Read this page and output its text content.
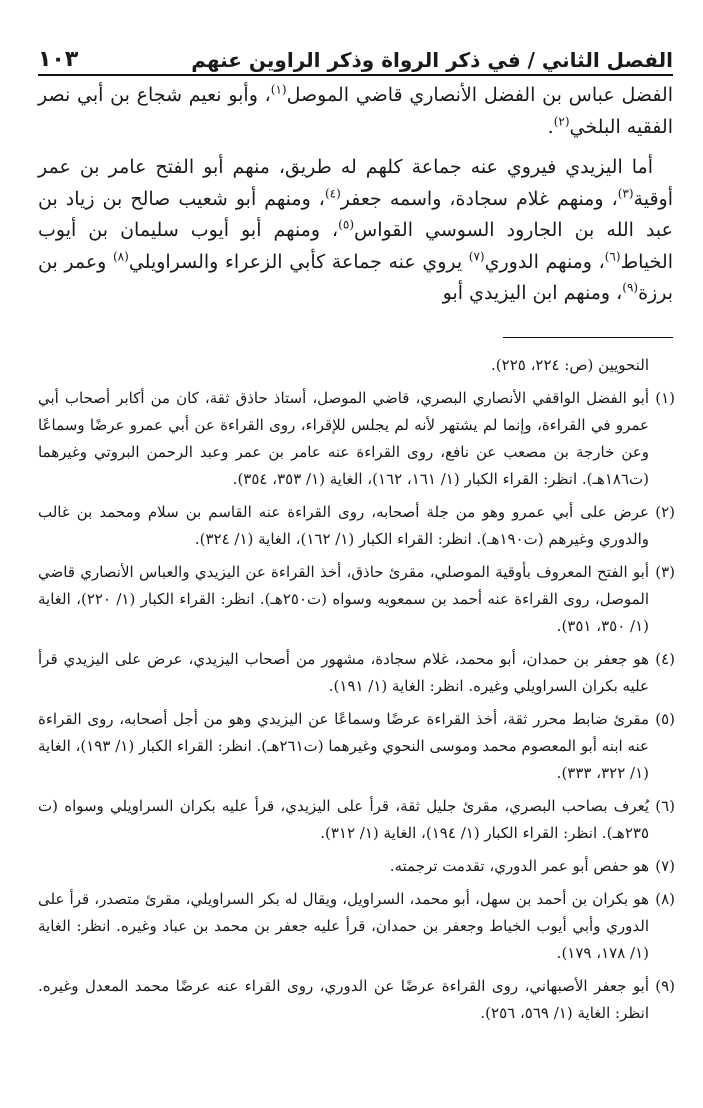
الفصل الثاني / في ذكر الرواة وذكر الراوين عنهم
١٠٣

الفضل عباس بن الفضل الأنصاري قاضي الموصل$^{(١)}$، وأبو نعيم شجاع بن أبي نصر الفقيه البلخي$^{(٢)}$.

أما اليزيدي فيروي عنه جماعة كلهم له طريق، منهم أبو الفتح عامر بن عمر أوقية$^{(٣)}$، ومنهم غلام سجادة، واسمه جعفر$^{(٤)}$، ومنهم أبو شعيب صالح بن زياد بن عبد الله بن الجارود السوسي القواس$^{(٥)}$، ومنهم أبو أيوب سليمان بن أيوب الخياط$^{(٦)}$، ومنهم الدوري$^{(٧)}$ يروي عنه جماعة كأبي الزعراء والسراويلي$^{(٨)}$ وعمر بن برزة$^{(٩)}$، ومنهم ابن اليزيدي أبو

النحويين (ص: ٢٢٤، ٢٢٥).
(١)
أبو الفضل الواقفي الأنصاري البصري، قاضي الموصل، أستاذ حاذق ثقة، كان من أكابر أصحاب أبي عمرو في القراءة، وإنما لم يشتهر لأنه لم يجلس للإقراء، روى القراءة عن أبي عمرو عرضًا وسماعًا وعن خارجة بن مصعب عن نافع، روى القراءة عنه عامر بن عمر وعبد الرحمن البروتي وغيرهما (ت١٨٦هـ). انظر: القراء الكبار (١/ ١٦١، ١٦٢)، الغاية (١/ ٣٥٣، ٣٥٤).
(٢)
عرض على أبي عمرو وهو من جلة أصحابه، روى القراءة عنه القاسم بن سلام ومحمد بن غالب والدوري وغيرهم (ت١٩٠هـ). انظر: القراء الكبار (١/ ١٦٢)، الغاية (١/ ٣٢٤).
(٣)
أبو الفتح المعروف بأوقية الموصلي، مقرئ حاذق، أخذ القراءة عن اليزيدي والعباس الأنصاري قاضي الموصل، روى القراءة عنه أحمد بن سمعويه وسواه (ت٢٥٠هـ). انظر: القراء الكبار (١/ ٢٢٠)، الغاية (١/ ٣٥٠، ٣٥١).
(٤)
هو جعفر بن حمدان، أبو محمد، غلام سجادة، مشهور من أصحاب اليزيدي، عرض على اليزيدي قرأ عليه بكران السراويلي وغيره. انظر: الغاية (١/ ١٩١).
(٥)
مقرئ ضابط محرر ثقة، أخذ القراءة عرضًا وسماعًا عن اليزيدي وهو من أجل أصحابه، روى القراءة عنه ابنه أبو المعصوم محمد وموسى النحوي وغيرهما (ت٢٦١هـ). انظر: القراء الكبار (١/ ١٩٣)، الغاية (١/ ٣٢٢، ٣٣٣).
(٦)
يُعرف بصاحب البصري، مقرئ جليل ثقة، قرأ على اليزيدي، قرأ عليه بكران السراويلي وسواه (ت ٢٣٥هـ). انظر: القراء الكبار (١/ ١٩٤)، الغاية (١/ ٣١٢).
(٧)
هو حفص أبو عمر الدوري، تقدمت ترجمته.
(٨)
هو بكران بن أحمد بن سهل، أبو محمد، السراويل، ويقال له بكر السراويلي، مقرئ متصدر، قرأ على الدوري وأبي أيوب الخياط وجعفر بن حمدان، قرأ عليه جعفر بن محمد بن عباد وغيره. انظر: الغاية (١/ ١٧٨، ١٧٩).
(٩)
أبو جعفر الأصبهاني، روى القراءة عرضًا عن الدوري، روى القراء عنه عرضًا محمد المعدل وغيره. انظر: الغاية (١/ ٥٦٩، ٢٥٦).
